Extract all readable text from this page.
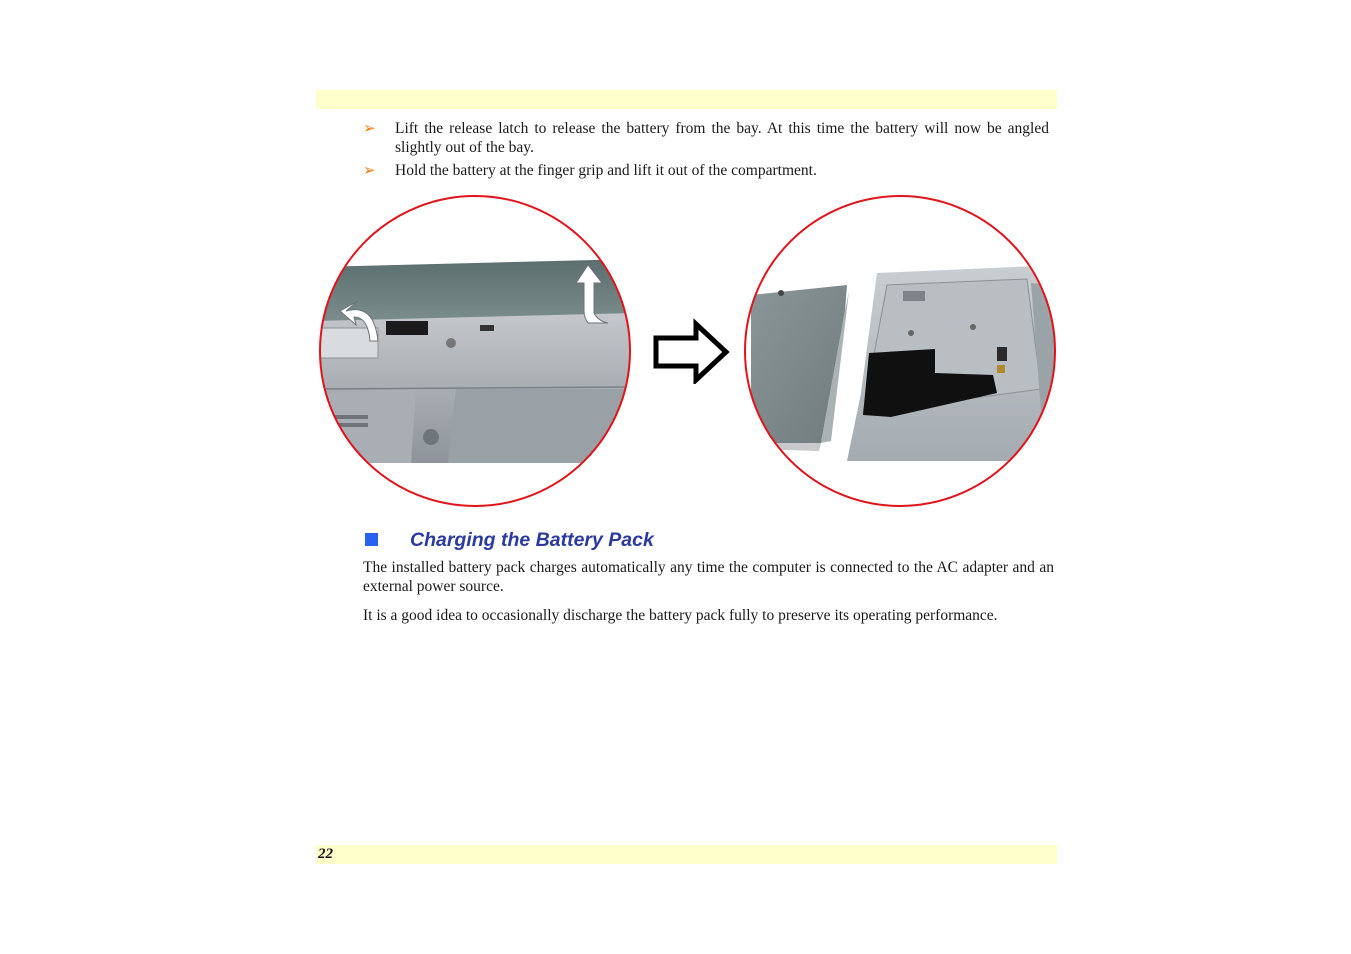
➢ Lift the release latch to release the battery from the bay. At this time the battery will now be angled slightly out of the bay.
➢ Hold the battery at the finger grip and lift it out of the compartment.
Charging the Battery Pack
The installed battery pack charges automatically any time the computer is connected to the AC adapter and an external power source.
It is a good idea to occasionally discharge the battery pack fully to preserve its operating performance.
22
